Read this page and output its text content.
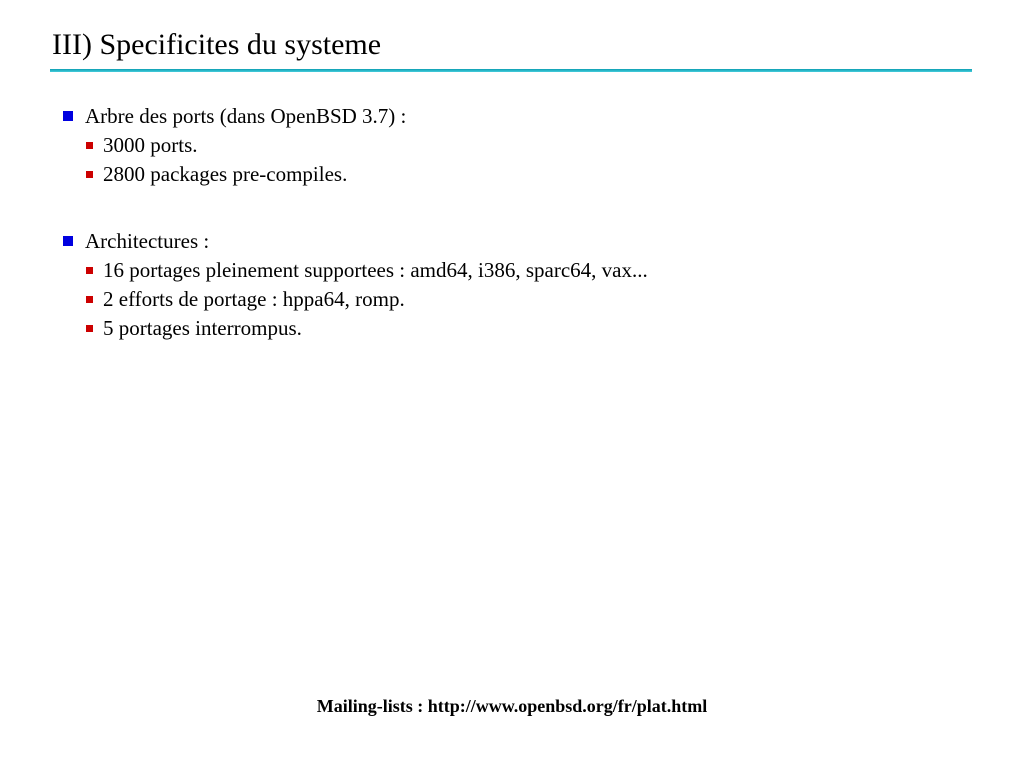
III) Specificites du systeme
Arbre des ports (dans OpenBSD 3.7) :
3000 ports.
2800 packages pre-compiles.
Architectures :
16 portages pleinement supportees : amd64, i386, sparc64, vax...
2 efforts de portage : hppa64, romp.
5 portages interrompus.
Mailing-lists : http://www.openbsd.org/fr/plat.html
